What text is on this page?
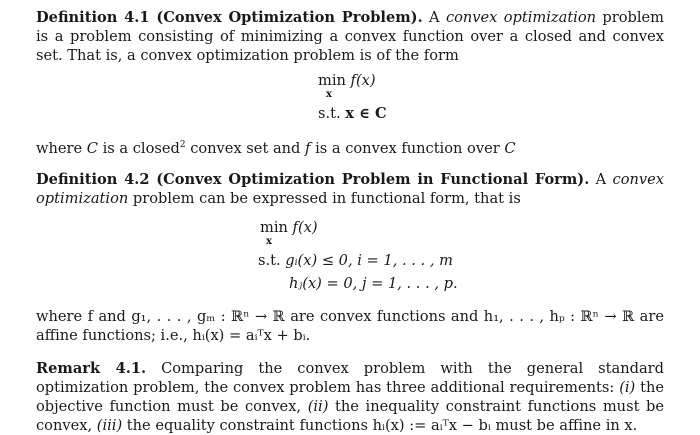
Definition 4.1 (Convex Optimization Problem). A convex optimization problem is a problem consisting of minimizing a convex function over a closed and convex set. That is, a convex optimization problem is of the form

min f(x)
x
s.t. x ∈ C

where C is a closed$^2$ convex set and f is a convex function over C

Definition 4.2 (Convex Optimization Problem in Functional Form). A convex optimization problem can be expressed in functional form, that is

min f(x)
x
s.t. gᵢ(x) ≤ 0, i = 1, . . . , m
hⱼ(x) = 0, j = 1, . . . , p.

where f and g₁, . . . , gₘ : ℝⁿ → ℝ are convex functions and h₁, . . . , hₚ : ℝⁿ → ℝ are affine functions; i.e., hᵢ(x) = aᵢᵀx + bᵢ.

Remark 4.1. Comparing the convex problem with the general standard optimization problem, the convex problem has three additional requirements: (i) the objective function must be convex, (ii) the inequality constraint functions must be convex, (iii) the equality constraint functions hᵢ(x) := aᵢᵀx − bᵢ must be affine in x.
